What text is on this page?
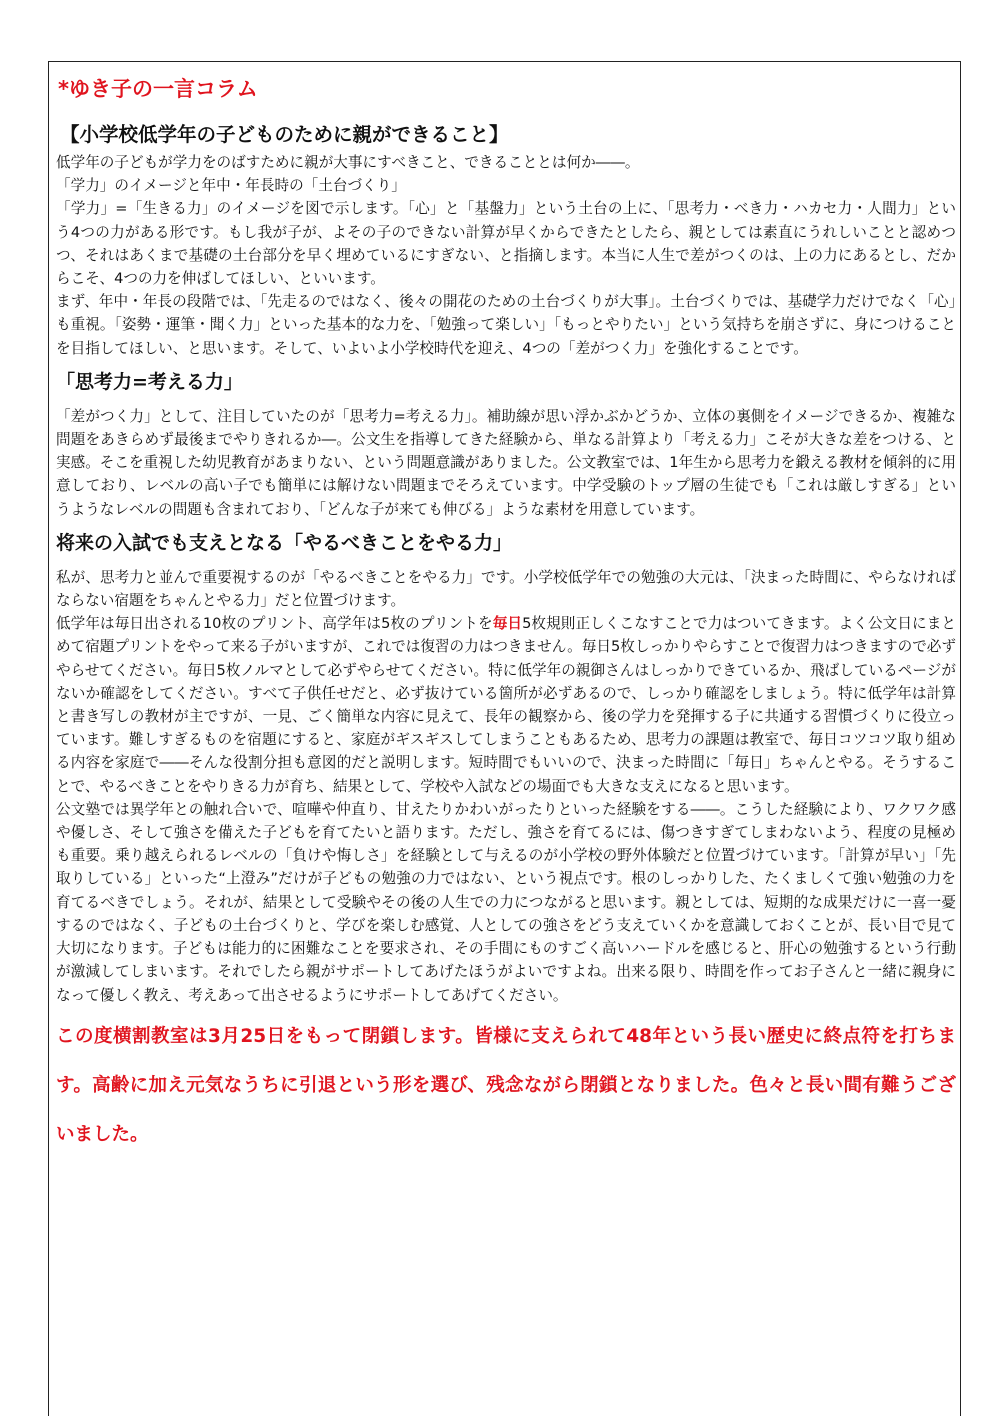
*ゆき子の一言コラム
【小学校低学年の子どものために親ができること】

低学年の子どもが学力をのばすために親が大事にすべきこと、できることとは何か――。

「学力」のイメージと年中・年長時の「土台づくり」

「学力」=「生きる力」のイメージを図で示します。「心」と「基盤力」という土台の上に、「思考力・べき力・ハカセ力・人間力」という4つの力がある形です。もし我が子が、よその子のできない計算が早くからできたとしたら、親としては素直にうれしいことと認めつつ、それはあくまで基礎の土台部分を早く埋めているにすぎない、と指摘します。本当に人生で差がつくのは、上の力にあるとし、だからこそ、4つの力を伸ばしてほしい、といいます。

まず、年中・年長の段階では、「先走るのではなく、後々の開花のための土台づくりが大事」。土台づくりでは、基礎学力だけでなく「心」も重視。「姿勢・運筆・聞く力」といった基本的な力を、「勉強って楽しい」「もっとやりたい」という気持ちを崩さずに、身につけることを目指してほしい、と思います。そして、いよいよ小学校時代を迎え、4つの「差がつく力」を強化することです。

「思考力=考える力」

「差がつく力」として、注目していたのが「思考力=考える力」。補助線が思い浮かぶかどうか、立体の裏側をイメージできるか、複雑な問題をあきらめず最後までやりきれるか―。公文生を指導してきた経験から、単なる計算より「考える力」こそが大きな差をつける、と実感。そこを重視した幼児教育があまりない、という問題意識がありました。公文教室では、1年生から思考力を鍛える教材を傾斜的に用意しており、レベルの高い子でも簡単には解けない問題までそろえています。中学受験のトップ層の生徒でも「これは厳しすぎる」というようなレベルの問題も含まれており、「どんな子が来ても伸びる」ような素材を用意しています。

将来の入試でも支えとなる「やるべきことをやる力」

私が、思考力と並んで重要視するのが「やるべきことをやる力」です。小学校低学年での勉強の大元は、「決まった時間に、やらなければならない宿題をちゃんとやる力」だと位置づけます。

低学年は毎日出される10枚のプリント、高学年は5枚のプリントを毎日5枚規則正しくこなすことで力はついてきます。よく公文日にまとめて宿題プリントをやって来る子がいますが、これでは復習の力はつきません。毎日5枚しっかりやらすことで復習力はつきますので必ずやらせてください。毎日5枚ノルマとして必ずやらせてください。特に低学年の親御さんはしっかりできているか、飛ばしているページがないか確認をしてください。すべて子供任せだと、必ず抜けている箇所が必ずあるので、しっかり確認をしましょう。特に低学年は計算と書き写しの教材が主ですが、一見、ごく簡単な内容に見えて、長年の観察から、後の学力を発揮する子に共通する習慣づくりに役立っています。難しすぎるものを宿題にすると、家庭がギスギスしてしまうこともあるため、思考力の課題は教室で、毎日コツコツ取り組める内容を家庭で――そんな役割分担も意図的だと説明します。短時間でもいいので、決まった時間に「毎日」ちゃんとやる。そうすることで、やるべきことをやりきる力が育ち、結果として、学校や入試などの場面でも大きな支えになると思います。

公文塾では異学年との触れ合いで、喧嘩や仲直り、甘えたりかわいがったりといった経験をする――。こうした経験により、ワクワク感や優しさ、そして強さを備えた子どもを育てたいと語ります。ただし、強さを育てるには、傷つきすぎてしまわないよう、程度の見極めも重要。乗り越えられるレベルの「負けや悔しさ」を経験として与えるのが小学校の野外体験だと位置づけています。「計算が早い」「先取りしている」といった“上澄み”だけが子どもの勉強の力ではない、という視点です。根のしっかりした、たくましくて強い勉強の力を育てるべきでしょう。それが、結果として受験やその後の人生での力につながると思います。親としては、短期的な成果だけに一喜一憂するのではなく、子どもの土台づくりと、学びを楽しむ感覚、人としての強さをどう支えていくかを意識しておくことが、長い目で見て大切になります。子どもは能力的に困難なことを要求され、その手間にものすごく高いハードルを感じると、肝心の勉強するという行動が激減してしまいます。それでしたら親がサポートしてあげたほうがよいですよね。出来る限り、時間を作ってお子さんと一緒に親身になって優しく教え、考えあって出させるようにサポートしてあげてください。

この度横割教室は3月25日をもって閉鎖します。皆様に支えられて48年という長い歴史に終点符を打ちます。高齢に加え元気なうちに引退という形を選び、残念ながら閉鎖となりました。色々と長い間有難うございました。
